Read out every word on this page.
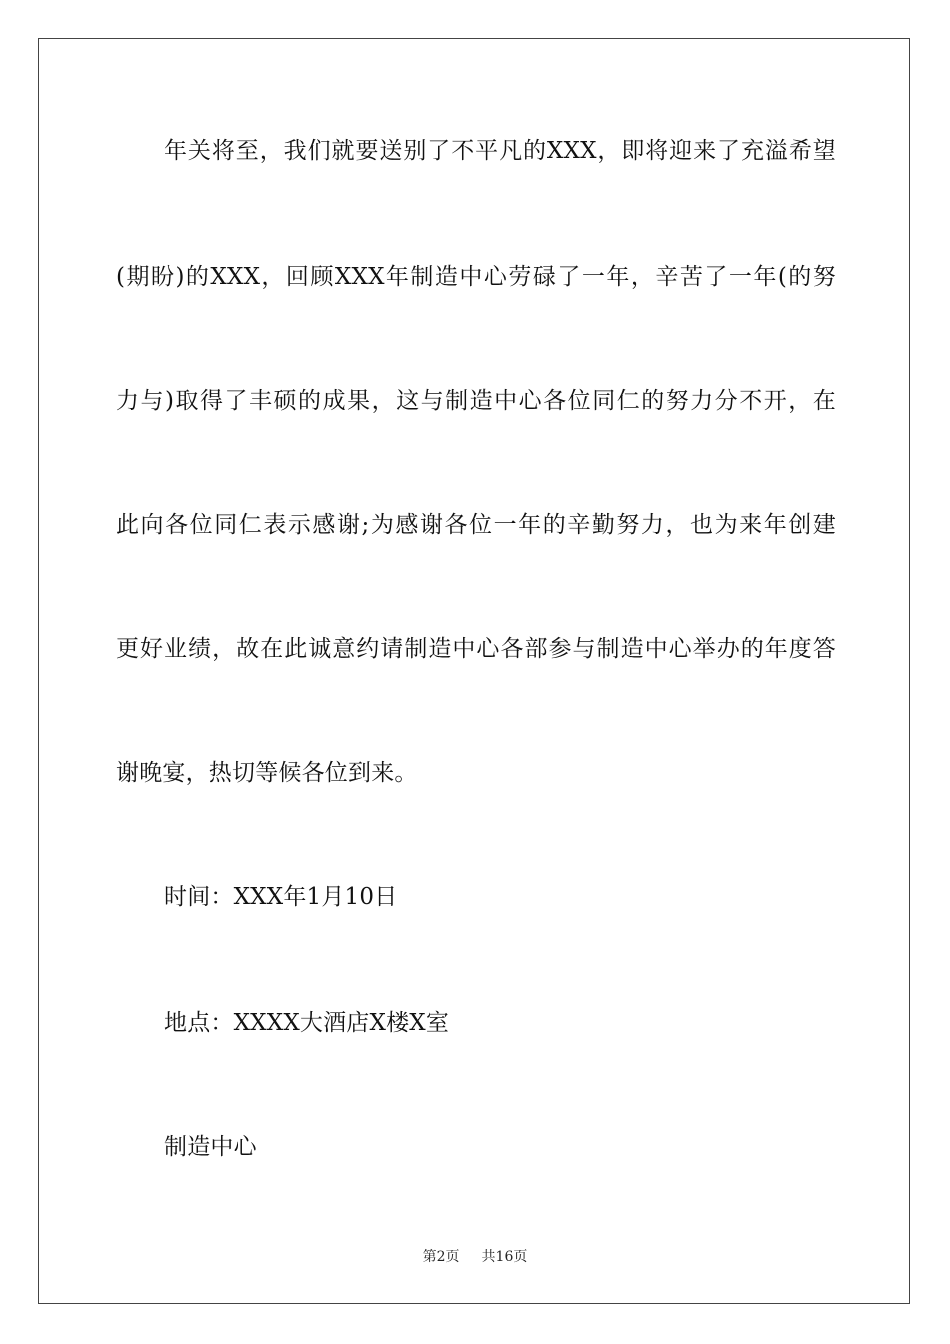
年关将至，我们就要送别了不平凡的XXX，即将迎来了充溢希望
(期盼)的XXX，回顾XXX年制造中心劳碌了一年，辛苦了一年(的努
力与)取得了丰硕的成果，这与制造中心各位同仁的努力分不开，在
此向各位同仁表示感谢;为感谢各位一年的辛勤努力，也为来年创建
更好业绩，故在此诚意约请制造中心各部参与制造中心举办的年度答
谢晚宴，热切等候各位到来。
时间：XXX年1月10日
地点：XXXX大酒店X楼X室
制造中心
第2页 共16页
